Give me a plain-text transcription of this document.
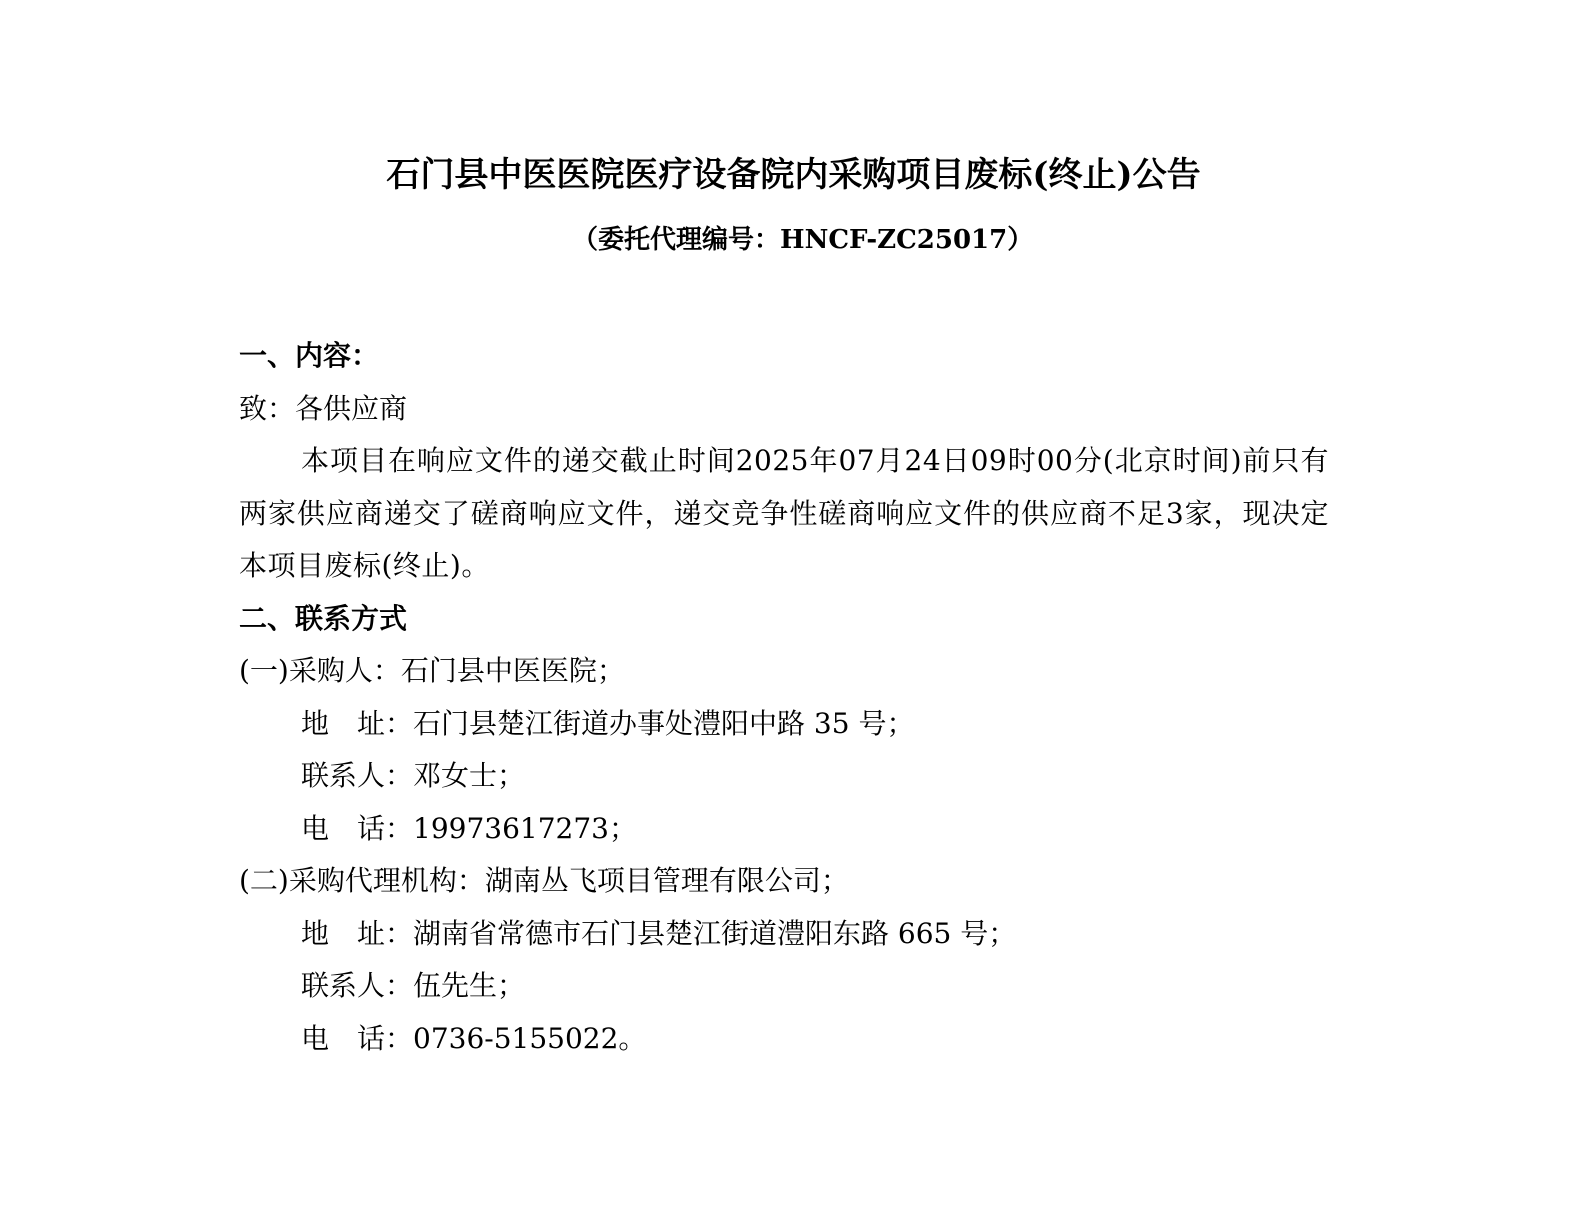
石门县中医医院医疗设备院内采购项目废标(终止)公告
（委托代理编号：HNCF-ZC25017）
一、内容：
致：各供应商
本项目在响应文件的递交截止时间2025年07月24日09时00分(北京时间)前只有两家供应商递交了磋商响应文件，递交竞争性磋商响应文件的供应商不足3家，现决定本项目废标(终止)。
二、联系方式
(一)采购人：石门县中医医院；
地　址：石门县楚江街道办事处澧阳中路 35 号；
联系人：邓女士；
电　话：19973617273；
(二)采购代理机构：湖南丛飞项目管理有限公司；
地　址：湖南省常德市石门县楚江街道澧阳东路 665 号；
联系人：伍先生；
电　话：0736-5155022。
